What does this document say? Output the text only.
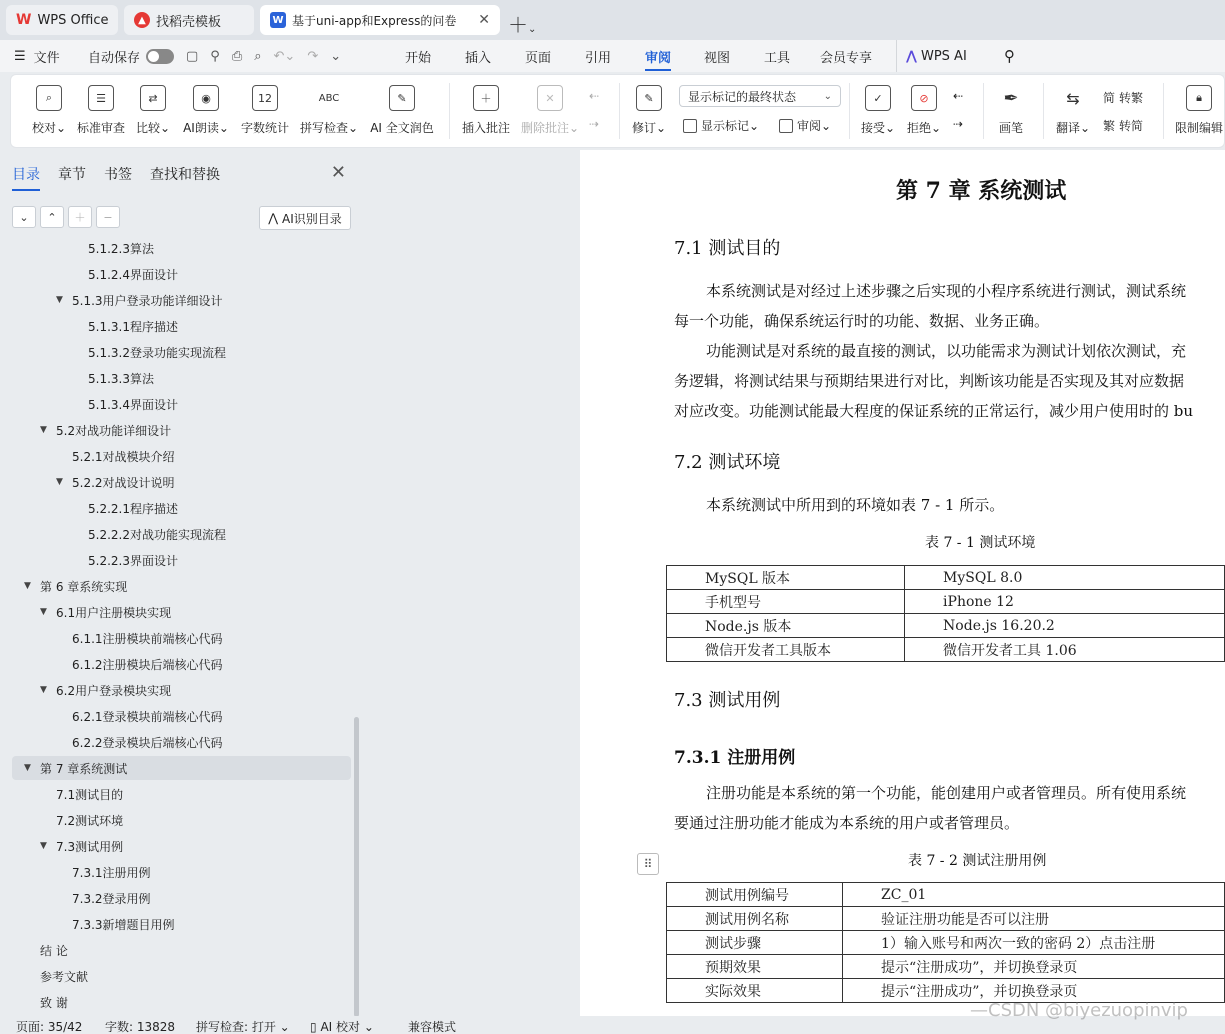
W WPS Office	▲ 找稻壳模板	W 基于uni-app和Express的问卷 ✕ ＋⌄
☰ 文件 自动保存	▢ ⚲ ⎙ ⌕ ↶⌄ ↷ ⌄	开始	插入	页面	引用	审阅	视图	工具 会员专享	⋀ WPS AI ⚲
⌕
校对⌄
☰
标准审查
⇄
比较⌄
◉
AI朗读⌄
12
字数统计
ABC
拼写检查⌄
✎
AI 全文润色
＋
插入批注
✕
删除批注⌄
⇠
⇢
✎
修订⌄
显示标记的最终状态	⌄
显示标记 ⌄	审阅 ⌄
✓
接受⌄
⊘
拒绝⌄
⇠
⇢
✒
画笔
⇆
翻译⌄
简 转繁
繁 转简
🔒︎
限制编辑
目录 章节 书签 查找和替换	✕
⌄ ⌃ ＋ −	⋀ AI识别目录
5.1.2.3算法
5.1.2.4界面设计
▼ 5.1.3用户登录功能详细设计
5.1.3.1程序描述
5.1.3.2登录功能实现流程
5.1.3.3算法
5.1.3.4界面设计
▼ 5.2对战功能详细设计
5.2.1对战模块介绍
▼ 5.2.2对战设计说明
5.2.2.1程序描述
5.2.2.2对战功能实现流程
5.2.2.3界面设计
▼ 第 6 章系统实现
▼ 6.1用户注册模块实现
6.1.1注册模块前端核心代码
6.1.2注册模块后端核心代码
▼ 6.2用户登录模块实现
6.2.1登录模块前端核心代码
6.2.2登录模块后端核心代码
▼ 第 7 章系统测试
7.1测试目的
7.2测试环境
▼ 7.3测试用例
7.3.1注册用例
7.3.2登录用例
7.3.3新增题目用例
结 论
参考文献
致 谢
第 7 章 系统测试
7.1 测试目的
本系统测试是对经过上述步骤之后实现的小程序系统进行测试，测试系统
每一个功能，确保系统运行时的功能、数据、业务正确。
功能测试是对系统的最直接的测试，以功能需求为测试计划依次测试，充
务逻辑，将测试结果与预期结果进行对比，判断该功能是否实现及其对应数据
对应改变。功能测试能最大程度的保证系统的正常运行，减少用户使用时的 bu
7.2 测试环境
本系统测试中所用到的环境如表 7 - 1 所示。
表 7 - 1 测试环境
MySQL 版本	MySQL 8.0
手机型号	iPhone 12
Node.js 版本	Node.js 16.20.2
微信开发者工具版本	微信开发者工具 1.06
7.3 测试用例
7.3.1 注册用例
注册功能是本系统的第一个功能，能创建用户或者管理员。所有使用系统
要通过注册功能才能成为本系统的用户或者管理员。
表 7 - 2 测试注册用例
测试用例编号	ZC_01
测试用例名称	验证注册功能是否可以注册
测试步骤	1）输入账号和两次一致的密码 2）点击注册
预期效果	提示“注册成功”，并切换登录页
实际效果	提示“注册成功”，并切换登录页
⠿
页面: 35/42 字数: 13828 拼写检查: 打开 ⌄ ▯ AI 校对 ⌄	兼容模式
—CSDN @biyezuopinvip
